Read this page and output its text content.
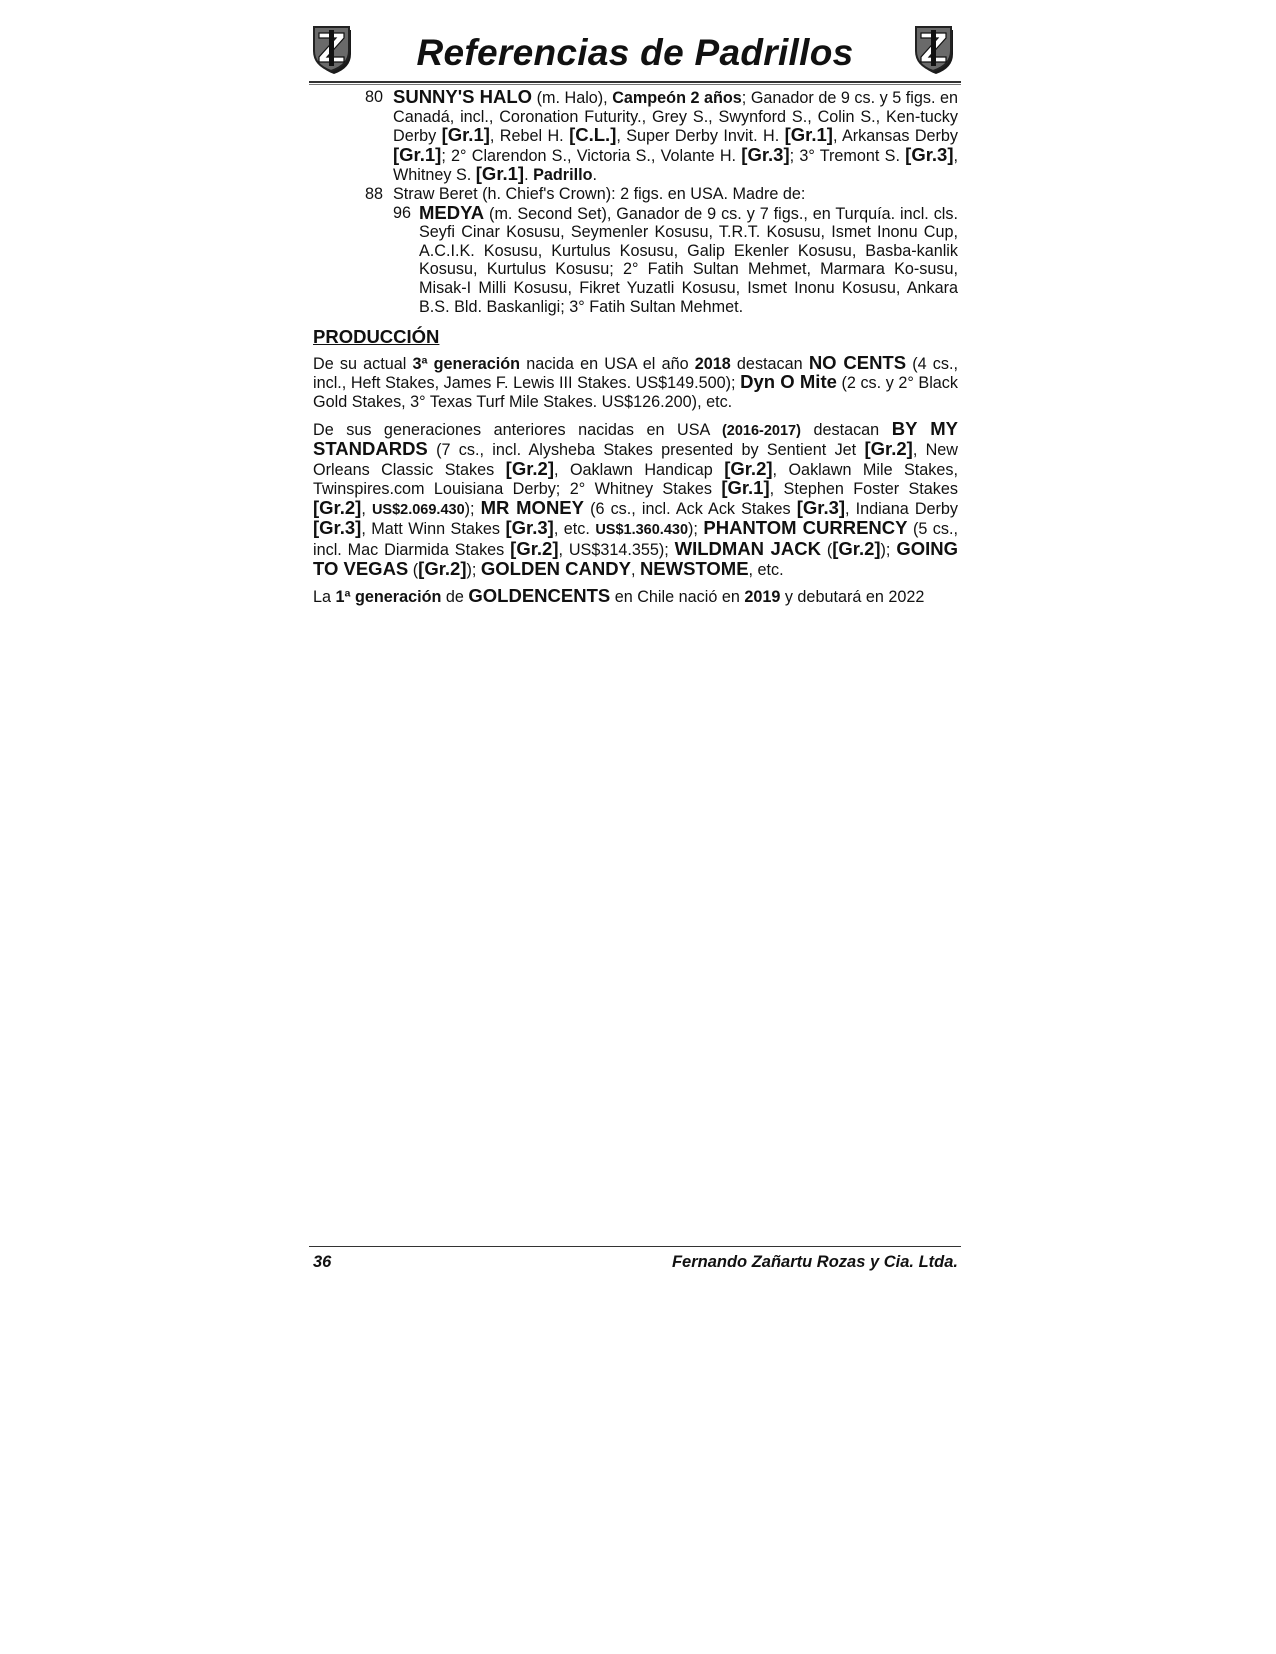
Referencias de Padrillos
80 SUNNY'S HALO (m. Halo), Campeón 2 años; Ganador de 9 cs. y 5 figs. en Canadá, incl., Coronation Futurity., Grey S., Swynford S., Colin S., Ken-tucky Derby [Gr.1], Rebel H. [C.L.], Super Derby Invit. H. [Gr.1], Arkansas Derby [Gr.1]; 2° Clarendon S., Victoria S., Volante H. [Gr.3]; 3° Tremont S. [Gr.3], Whitney S. [Gr.1]. Padrillo.
88 Straw Beret (h. Chief's Crown): 2 figs. en USA. Madre de:
96 MEDYA (m. Second Set), Ganador de 9 cs. y 7 figs., en Turquía. incl. cls. Seyfi Cinar Kosusu, Seymenler Kosusu, T.R.T. Kosusu, Ismet Inonu Cup, A.C.I.K. Kosusu, Kurtulus Kosusu, Galip Ekenler Kosusu, Basba-kanlik Kosusu, Kurtulus Kosusu; 2° Fatih Sultan Mehmet, Marmara Ko-susu, Misak-I Milli Kosusu, Fikret Yuzatli Kosusu, Ismet Inonu Kosusu, Ankara B.S. Bld. Baskanligi; 3° Fatih Sultan Mehmet.
PRODUCCIÓN
De su actual 3ª generación nacida en USA el año 2018 destacan NO CENTS (4 cs., incl., Heft Stakes, James F. Lewis III Stakes. US$149.500); Dyn O Mite (2 cs. y 2° Black Gold Stakes, 3° Texas Turf Mile Stakes. US$126.200), etc.
De sus generaciones anteriores nacidas en USA (2016-2017) destacan BY MY STANDARDS (7 cs., incl. Alysheba Stakes presented by Sentient Jet [Gr.2], New Orleans Classic Stakes [Gr.2], Oaklawn Handicap [Gr.2], Oaklawn Mile Stakes, Twinspires.com Louisiana Derby; 2° Whitney Stakes [Gr.1], Stephen Foster Stakes [Gr.2], US$2.069.430); MR MONEY (6 cs., incl. Ack Ack Stakes [Gr.3], Indiana Derby [Gr.3], Matt Winn Stakes [Gr.3], etc. US$1.360.430); PHANTOM CURRENCY (5 cs., incl. Mac Diarmida Stakes [Gr.2], US$314.355); WILDMAN JACK ([Gr.2]); GOING TO VEGAS ([Gr.2]); GOLDEN CANDY, NEWSTOME, etc.
La 1ª generación de GOLDENCENTS en Chile nació en 2019 y debutará en 2022
36	Fernando Zañartu Rozas y Cia. Ltda.
